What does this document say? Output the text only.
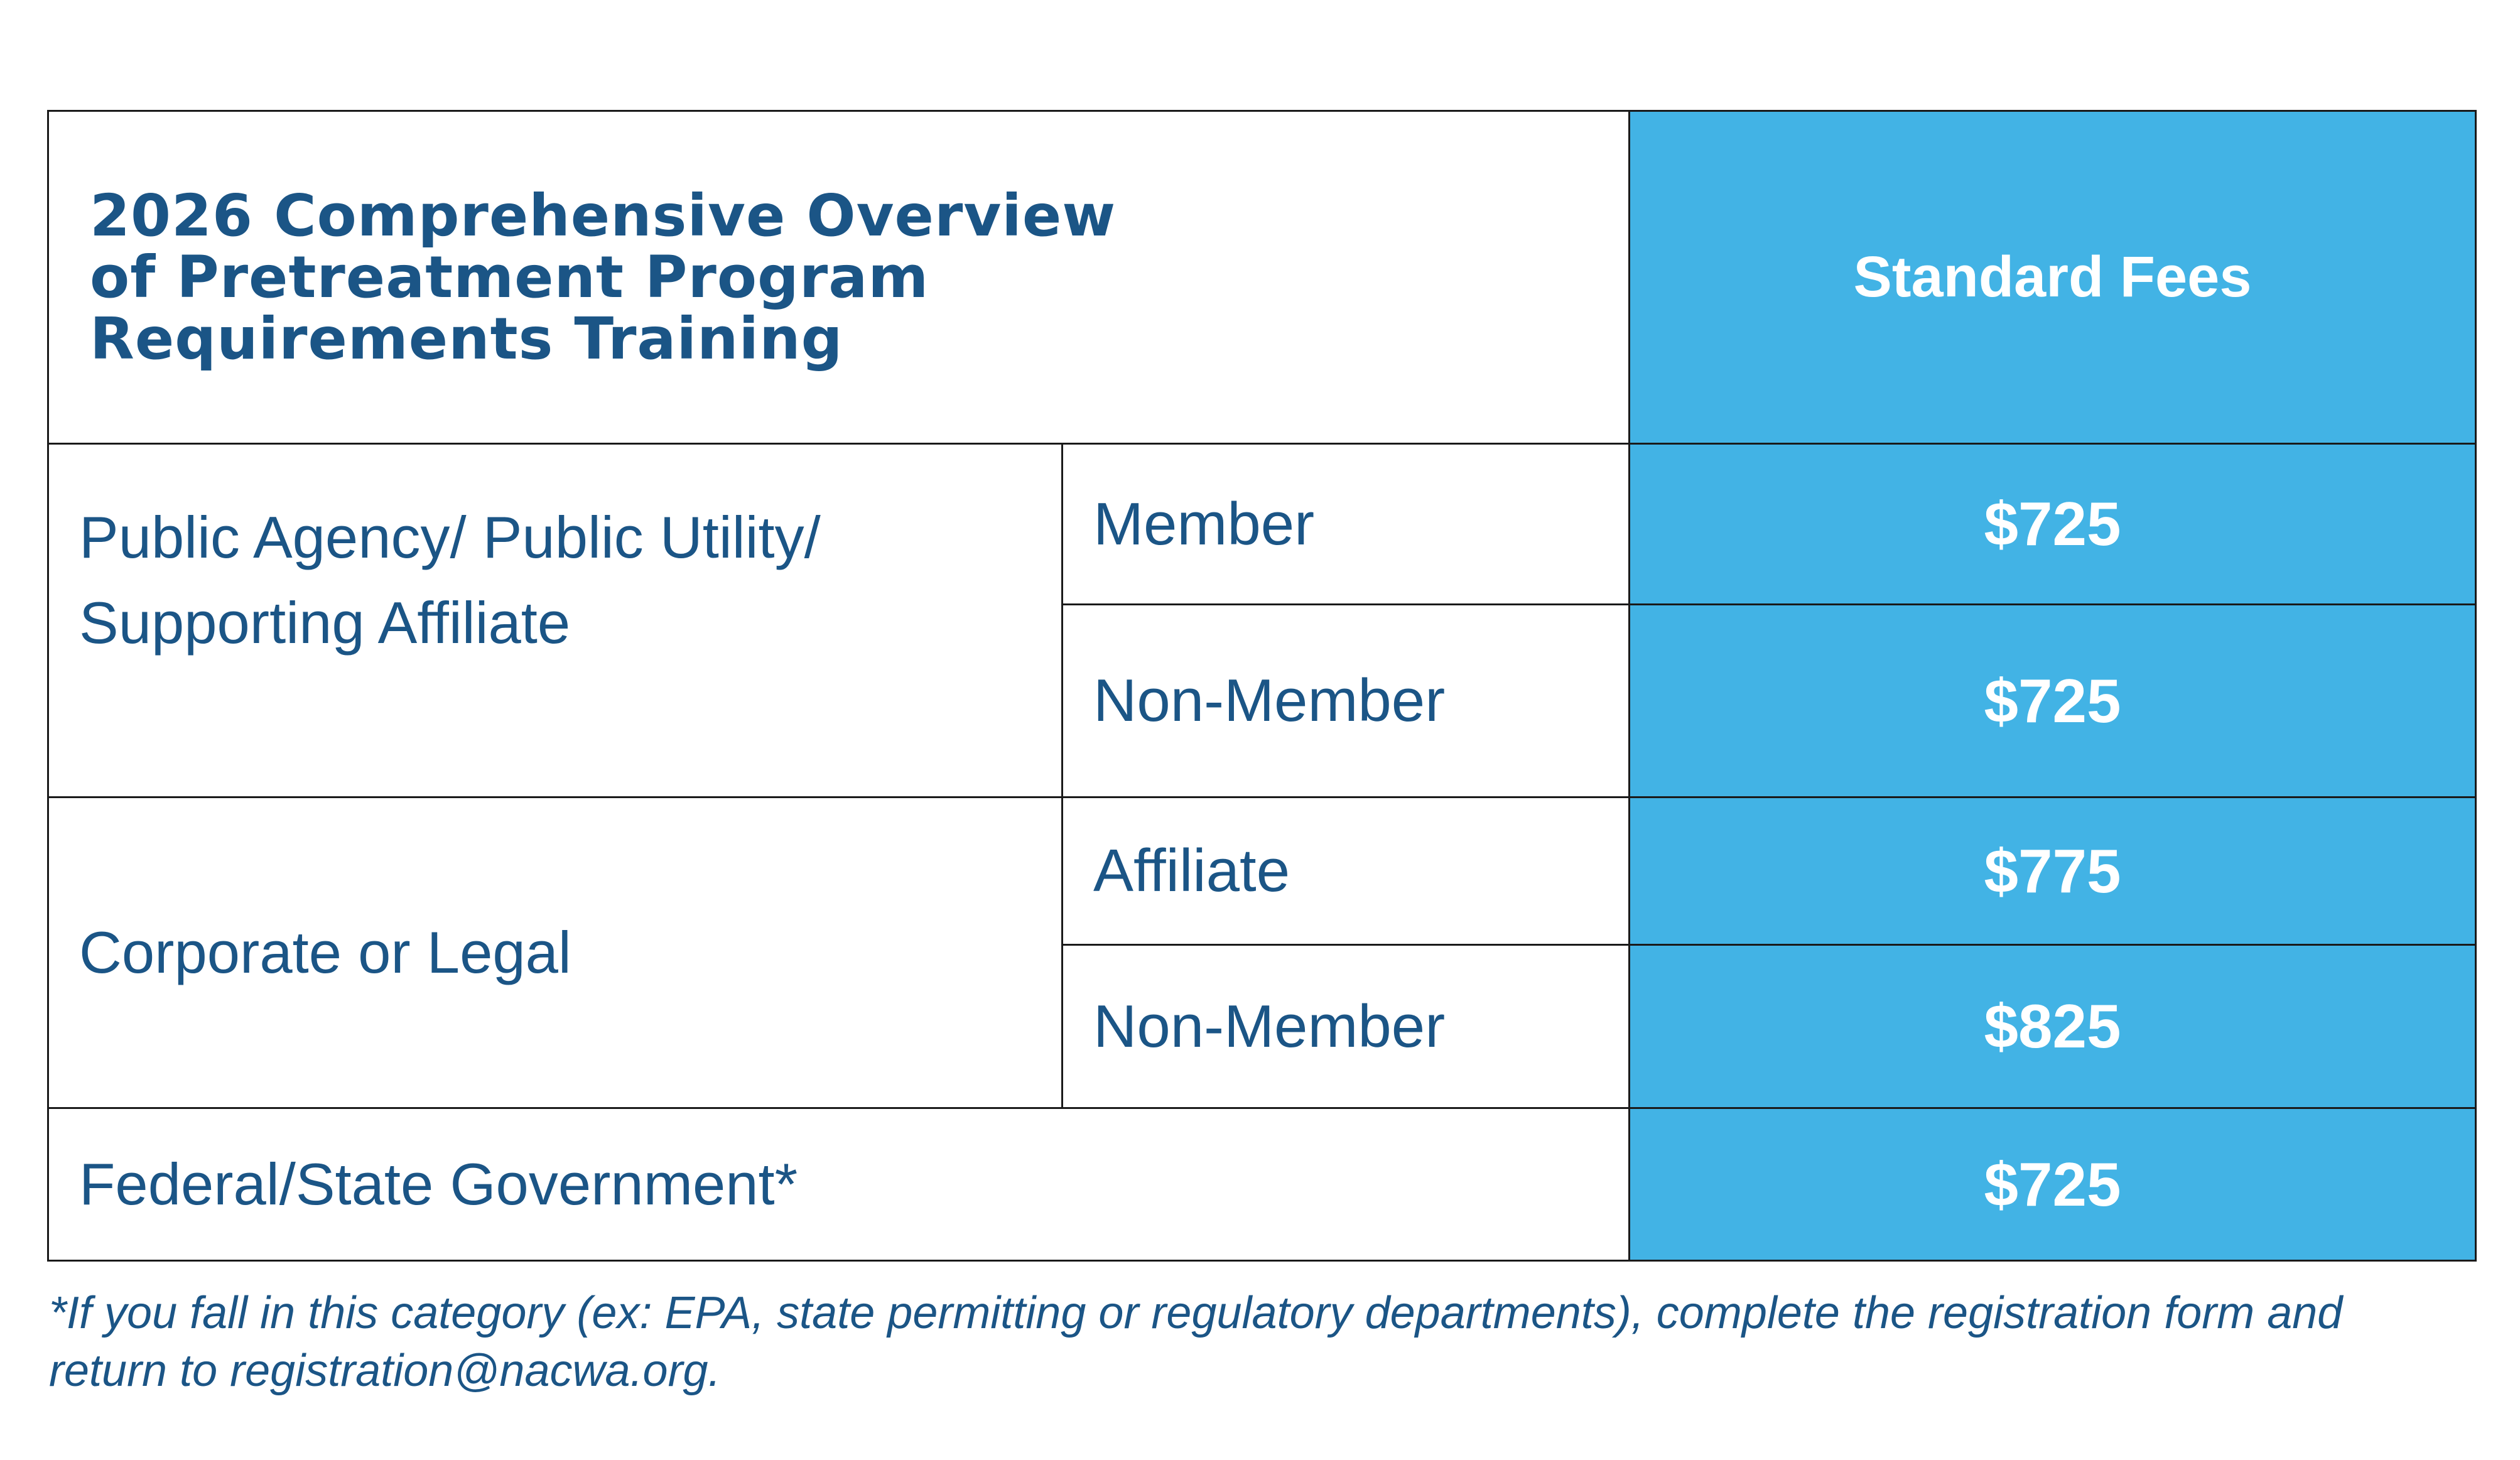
2026 Comprehensive Overview
of Pretreatment Program
Requirements Training		Standard Fees
Public Agency/ Public Utility/ Supporting Affiliate	Member	$725
	Non-Member	$725
Corporate or Legal	Affiliate	$775
	Non-Member	$825
Federal/State Government*		$725
*If you fall in this category (ex: EPA, state permitting or regulatory departments), complete the registration form and return to registration@nacwa.org.
